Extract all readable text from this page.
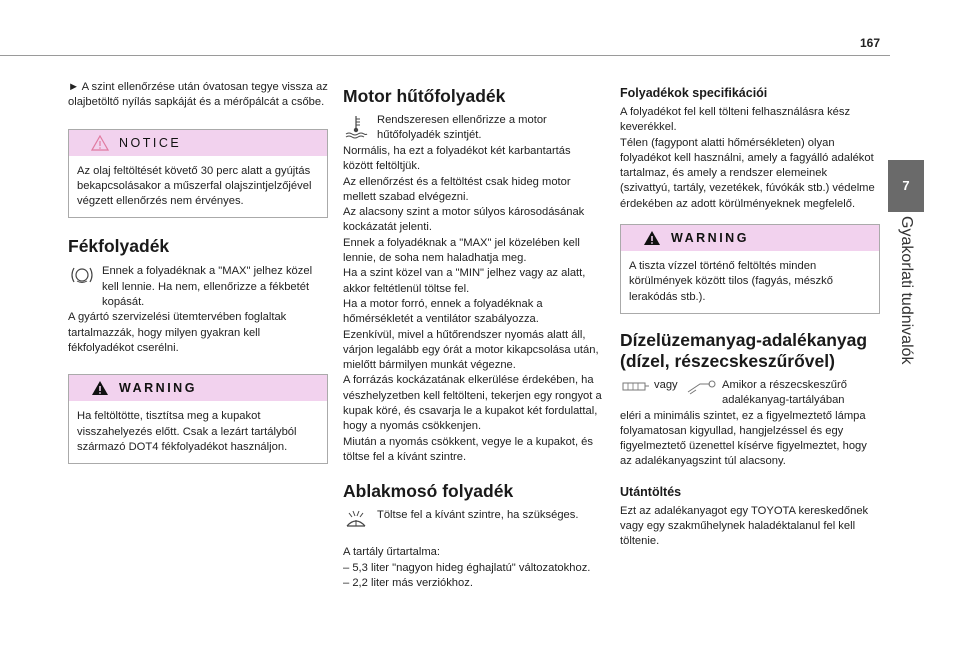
167
7
Gyakorlati tudnivalók

► A szint ellenőrzése után óvatosan tegye vissza az olajbetöltő nyílás sapkáját és a mérőpálcát a csőbe.

NOTICE

Az olaj feltöltését követő 30 perc alatt a gyújtás bekapcsolásakor a műszerfal olajszintjelzőjével végzett ellenőrzés nem érvényes.

Fékfolyadék

Ennek a folyadéknak a "MAX" jelhez közel kell lennie. Ha nem, ellenőrizze a fékbetét kopását.

A gyártó szervizelési ütemtervében foglaltak tartalmazzák, hogy milyen gyakran kell fékfolyadékot cserélni.

WARNING

Ha feltöltötte, tisztítsa meg a kupakot visszahelyezés előtt. Csak a lezárt tartályból származó DOT4 fékfolyadékot használjon.

Motor hűtőfolyadék

Rendszeresen ellenőrizze a motor hűtőfolyadék szintjét.

Normális, ha ezt a folyadékot két karbantartás között feltöltjük.

Az ellenőrzést és a feltöltést csak hideg motor mellett szabad elvégezni.

Az alacsony szint a motor súlyos károsodásának kockázatát jelenti.

Ennek a folyadéknak a "MAX" jel közelében kell lennie, de soha nem haladhatja meg.

Ha a szint közel van a "MIN" jelhez vagy az alatt, akkor feltétlenül töltse fel.

Ha a motor forró, ennek a folyadéknak a hőmérsékletét a ventilátor szabályozza.

Ezenkívül, mivel a hűtőrendszer nyomás alatt áll, várjon legalább egy órát a motor kikapcsolása után, mielőtt bármilyen munkát végezne.

A forrázás kockázatának elkerülése érdekében, ha vészhelyzetben kell feltölteni, tekerjen egy rongyot a kupak köré, és csavarja le a kupakot két fordulattal, hogy a nyomás csökkenjen.

Miután a nyomás csökkent, vegye le a kupakot, és töltse fel a kívánt szintre.

Ablakmosó folyadék

Töltse fel a kívánt szintre, ha szükséges.

A tartály űrtartalma:

– 5,3 liter "nagyon hideg éghajlatú" változatokhoz.

– 2,2 liter más verziókhoz.

Folyadékok specifikációi

A folyadékot fel kell tölteni felhasználásra kész keverékkel.

Télen (fagypont alatti hőmérsékleten) olyan folyadékot kell használni, amely a fagyálló adalékot tartalmaz, és amely a rendszer elemeinek (szivattyú, tartály, vezetékek, fúvókák stb.) védelme érdekében az adott körülményeknek megfelelő.

WARNING

A tiszta vízzel történő feltöltés minden körülmények között tilos (fagyás, mészkő lerakódás stb.).

Dízelüzemanyag-adalékanyag (dízel, részecskeszűrővel)

vagy	Amikor a részecskeszűrő adalékanyag-tartályában

eléri a minimális szintet, ez a figyelmeztető lámpa folyamatosan kigyullad, hangjelzéssel és egy figyelmeztető üzenettel kísérve figyelmeztet, hogy az adalékanyagszint túl alacsony.

Utántöltés

Ezt az adalékanyagot egy TOYOTA kereskedőnek vagy egy szakműhelynek haladéktalanul fel kell töltenie.
